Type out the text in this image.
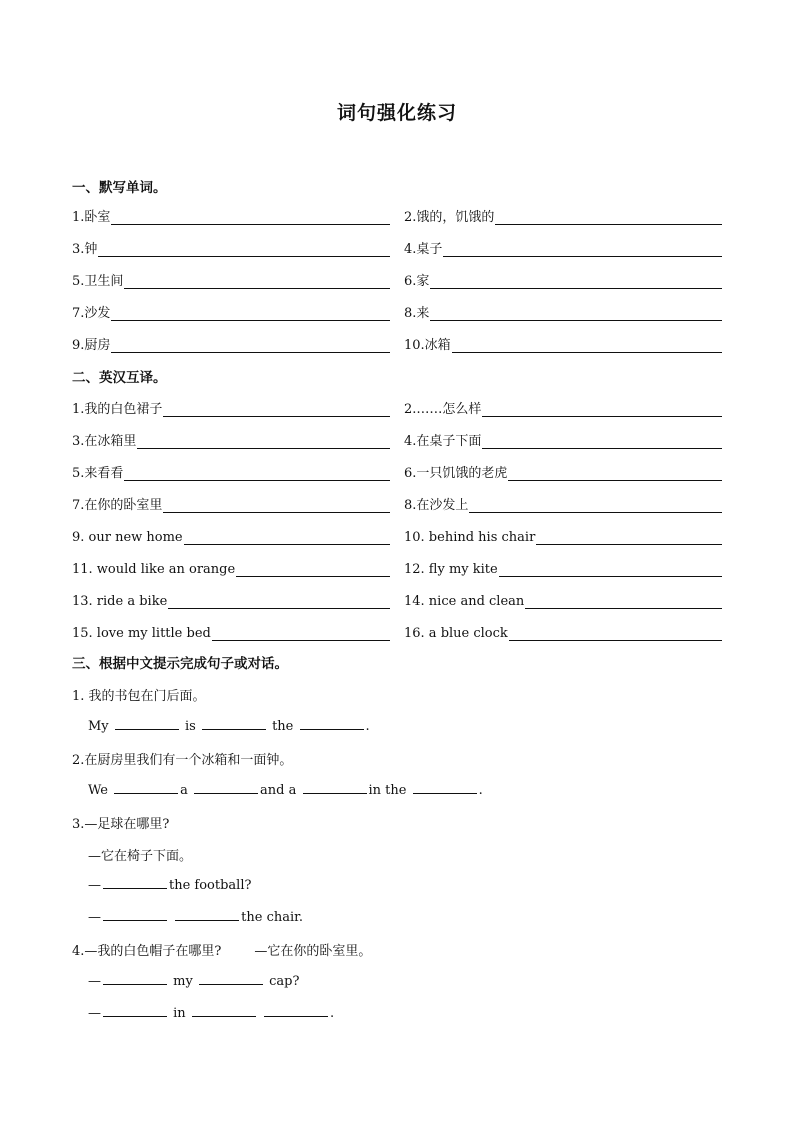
词句强化练习
一、默写单词。
1.卧室	2.饿的，饥饿的
3.钟	4.桌子
5.卫生间	6.家
7.沙发	8.来
9.厨房	10.冰箱
二、英汉互译。
1.我的白色裙子	2.……怎么样
3.在冰箱里	4.在桌子下面
5.来看看	6.一只饥饿的老虎
7.在你的卧室里	8.在沙发上
9. our new home	10. behind his chair
11. would like an orange	12. fly my kite
13. ride a bike	14. nice and clean
15. love my little bed	16. a blue clock
三、根据中文提示完成句子或对话。
1. 我的书包在门后面。
My	is	the	.
2.在厨房里我们有一个冰箱和一面钟。
We	a	and a	in the	.
3.—足球在哪里?
—它在椅子下面。
—	the football?
—	the chair.
4.—我的白色帽子在哪里?        —它在你的卧室里。
—	my	cap?
—	in	.
